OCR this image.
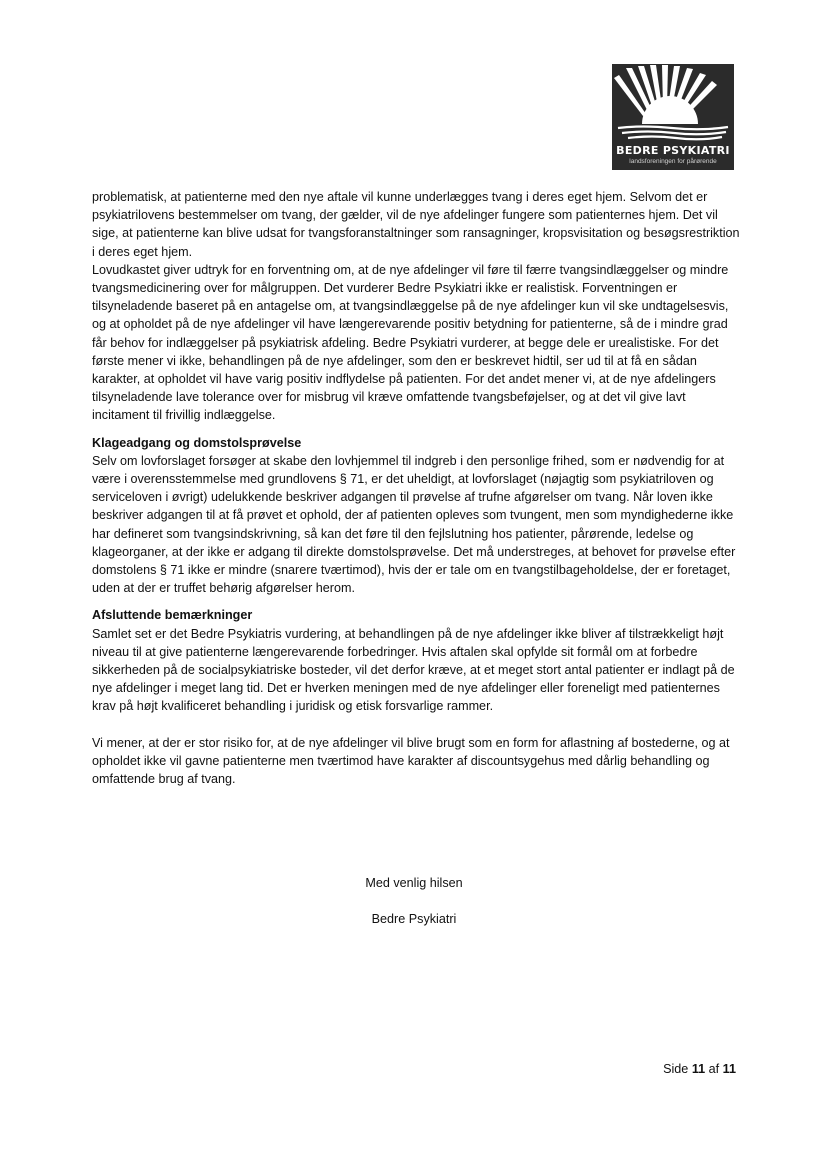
BEDRE PSYKIATRI
landsforeningen for pårørende

problematisk, at patienterne med den nye aftale vil kunne underlægges tvang i deres eget hjem. Selvom det er psykiatrilovens bestemmelser om tvang, der gælder, vil de nye afdelinger fungere som patienternes hjem. Det vil sige, at patienterne kan blive udsat for tvangsforanstaltninger som ransagninger, kropsvisitation og besøgsrestriktion i deres eget hjem.

Lovudkastet giver udtryk for en forventning om, at de nye afdelinger vil føre til færre tvangsindlæggelser og mindre tvangsmedicinering over for målgruppen. Det vurderer Bedre Psykiatri ikke er realistisk. Forventningen er tilsyneladende baseret på en antagelse om, at tvangsindlæggelse på de nye afdelinger kun vil ske undtagelsesvis, og at opholdet på de nye afdelinger vil have længerevarende positiv betydning for patienterne, så de i mindre grad får behov for indlæggelser på psykiatrisk afdeling. Bedre Psykiatri vurderer, at begge dele er urealistiske. For det første mener vi ikke, behandlingen på de nye afdelinger, som den er beskrevet hidtil, ser ud til at få en sådan karakter, at opholdet vil have varig positiv indflydelse på patienten. For det andet mener vi, at de nye afdelingers tilsyneladende lave tolerance over for misbrug vil kræve omfattende tvangsbeføjelser, og at det vil give lavt incitament til frivillig indlæggelse.

Klageadgang og domstolsprøvelse

Selv om lovforslaget forsøger at skabe den lovhjemmel til indgreb i den personlige frihed, som er nødvendig for at være i overensstemmelse med grundlovens § 71, er det uheldigt, at lovforslaget (nøjagtig som psykiatriloven og serviceloven i øvrigt) udelukkende beskriver adgangen til prøvelse af trufne afgørelser om tvang. Når loven ikke beskriver adgangen til at få prøvet et ophold, der af patienten opleves som tvungent, men som myndighederne ikke har defineret som tvangsindskrivning, så kan det føre til den fejlslutning hos patienter, pårørende, ledelse og klageorganer, at der ikke er adgang til direkte domstolsprøvelse. Det må understreges, at behovet for prøvelse efter domstolens § 71 ikke er mindre (snarere tværtimod), hvis der er tale om en tvangstilbageholdelse, der er foretaget, uden at der er truffet behørig afgørelser herom.

Afsluttende bemærkninger

Samlet set er det Bedre Psykiatris vurdering, at behandlingen på de nye afdelinger ikke bliver af tilstrækkeligt højt niveau til at give patienterne længerevarende forbedringer. Hvis aftalen skal opfylde sit formål om at forbedre sikkerheden på de socialpsykiatriske bosteder, vil det derfor kræve, at et meget stort antal patienter er indlagt på de nye afdelinger i meget lang tid. Det er hverken meningen med de nye afdelinger eller foreneligt med patienternes krav på højt kvalificeret behandling i juridisk og etisk forsvarlige rammer.

Vi mener, at der er stor risiko for, at de nye afdelinger vil blive brugt som en form for aflastning af bostederne, og at opholdet ikke vil gavne patienterne men tværtimod have karakter af discountsygehus med dårlig behandling og omfattende brug af tvang.

Med venlig hilsen
Bedre Psykiatri
Side 11 af 11
